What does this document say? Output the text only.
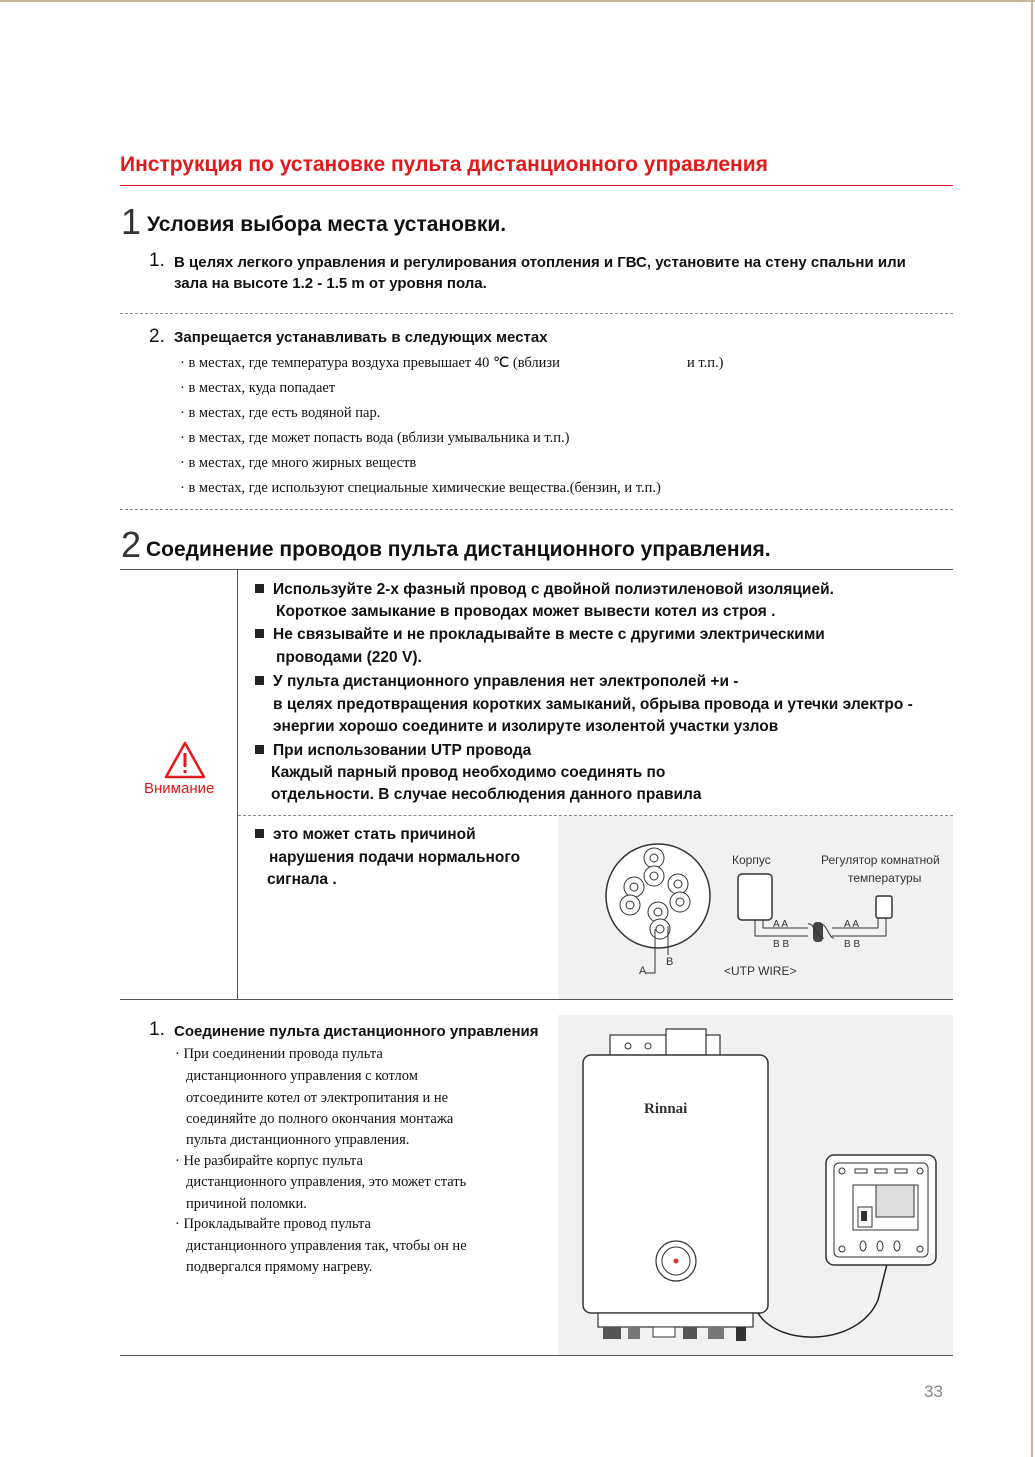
Инструкция по установке пульта дистанционного управления
1 Условия выбора места установки.
1. В целях легкого управления и регулирования отопления и ГВС, установите на стену спальни или
зала на высоте 1.2 - 1.5 m от уровня пола.
2. Запрещается устанавливать в следующих местах
· в местах, где температура воздуха превышает 40 ℃ (вблизи	и т.п.)
· в местах, куда попадает
· в местах, где есть водяной пар.
· в местах, где может попасть вода (вблизи умывальника и т.п.)
· в местах, где много жирных веществ
· в местах, где используют специальные химические вещества.(бензин, и т.п.)
2 Соединение проводов пульта дистанционного управления.
Внимание
Используйте 2-х фазный провод с двойной полиэтиленовой изоляцией.
Короткое замыкание в проводах может вывести котел из строя .
Не связывайте и не прокладывайте в месте с другими электрическими
проводами (220 V).
У пульта дистанционного управления нет электрополей +и -
в целях предотвращения коротких замыканий, обрыва провода и утечки электро -
энергии хорошо соедините и изолируте изолентой участки узлов
При использовании UTP провода
Каждый парный провод необходимо соединять по
отдельности. В случае несоблюдения данного правила
это может стать причиной
нарушения подачи нормального
сигнала .
Корпус	Регулятор комнатной
температуры
A A
B B
A A
B B
A
B
<UTP WIRE>
1. Соединение пульта дистанционного управления
· При соединении провода пульта
дистанционного управления с котлом
отсоедините котел от электропитания и не
соединяйте до полного окончания монтажа
пульта дистанционного управления.
· Не разбирайте корпус пульта
дистанционного управления, это может стать
причиной поломки.
· Прокладывайте провод пульта
дистанционного управления так, чтобы он не
подвергался прямому нагреву.
Rinnai
33
